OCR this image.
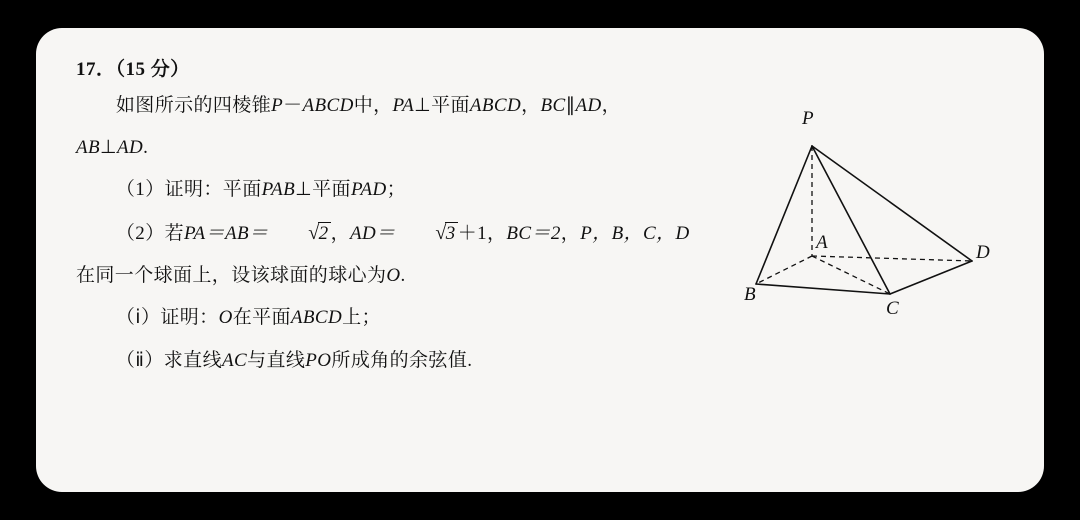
17．（15 分）
如图所示的四棱锥P－ABCD中，PA⊥平面ABCD，BC∥AD，
AB⊥AD.
（1）证明：平面PAB⊥平面PAD；
（2）若PA＝AB＝ √2 ，AD＝ √3 ＋1，BC＝2，P，B，C，D
在同一个球面上，设该球面的球心为O.
（ⅰ）证明：O在平面ABCD上；
（ⅱ）求直线AC与直线PO所成角的余弦值.
P
A
B
C
D
